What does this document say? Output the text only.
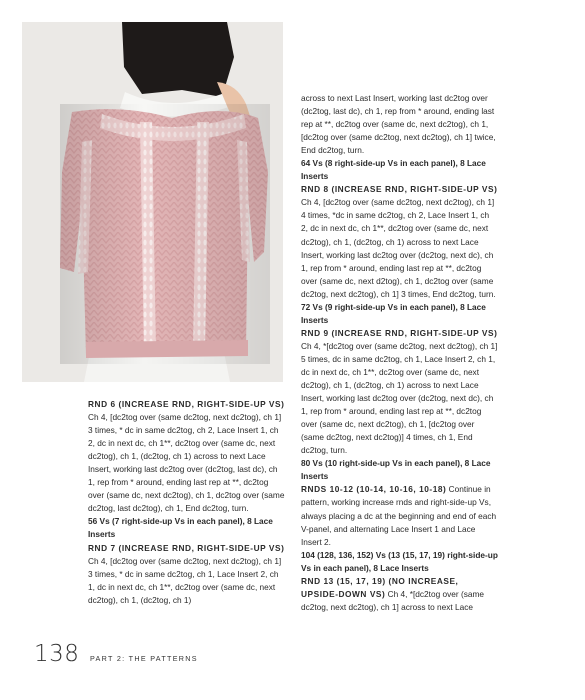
RND 6 (INCREASE RND, RIGHT-SIDE-UP VS) Ch 4, [dc2tog over (same dc2tog, next dc2tog), ch 1] 3 times, * dc in same dc2tog, ch 2, Lace Insert 1, ch 2, dc in next dc, ch 1**, dc2tog over (same dc, next dc2tog), ch 1, (dc2tog, ch 1) across to next Lace Insert, working last dc2tog over (dc2tog, last dc), ch 1, rep from * around, ending last rep at **, dc2tog over (same dc, next dc2tog), ch 1, dc2tog over (same dc2tog, last dc2tog), ch 1, End dc2tog, turn.

56 Vs (7 right-side-up Vs in each panel), 8 Lace Inserts

RND 7 (INCREASE RND, RIGHT-SIDE-UP VS) Ch 4, [dc2tog over (same dc2tog, next dc2tog), ch 1] 3 times, * dc in same dc2tog, ch 1, Lace Insert 2, ch 1, dc in next dc, ch 1**, dc2tog over (same dc, next dc2tog), ch 1, (dc2tog, ch 1)

across to next Last Insert, working last dc2tog over (dc2tog, last dc), ch 1, rep from * around, ending last rep at **, dc2tog over (same dc, next dc2tog), ch 1, [dc2tog over (same dc2tog, next dc2tog), ch 1] twice, End dc2tog, turn.

64 Vs (8 right-side-up Vs in each panel), 8 Lace Inserts

RND 8 (INCREASE RND, RIGHT-SIDE-UP VS) Ch 4, [dc2tog over (same dc2tog, next dc2tog), ch 1] 4 times, *dc in same dc2tog, ch 2, Lace Insert 1, ch 2, dc in next dc, ch 1**, dc2tog over (same dc, next dc2tog), ch 1, (dc2tog, ch 1) across to next Lace Insert, working last dc2tog over (dc2tog, next dc), ch 1, rep from * around, ending last rep at **, dc2tog over (same dc, next d2tog), ch 1, dc2tog over (same dc2tog, next dc2tog), ch 1] 3 times, End dc2tog, turn.

72 Vs (9 right-side-up Vs in each panel), 8 Lace Inserts

RND 9 (INCREASE RND, RIGHT-SIDE-UP VS) Ch 4, *[dc2tog over (same dc2tog, next dc2tog), ch 1] 5 times, dc in same dc2tog, ch 1, Lace Insert 2, ch 1, dc in next dc, ch 1**, dc2tog over (same dc, next dc2tog), ch 1, (dc2tog, ch 1) across to next Lace Insert, working last dc2tog over (dc2tog, next dc), ch 1, rep from * around, ending last rep at **, dc2tog over (same dc, next dc2tog), ch 1, [dc2tog over (same dc2tog, next dc2tog)] 4 times, ch 1, End dc2tog, turn.

80 Vs (10 right-side-up Vs in each panel), 8 Lace Inserts

RNDS 10-12 (10-14, 10-16, 10-18) Continue in pattern, working increase rnds and right-side-up Vs, always placing a dc at the beginning and end of each V-panel, and alternating Lace Insert 1 and Lace Insert 2.

104 (128, 136, 152) Vs (13 (15, 17, 19) right-side-up Vs in each panel), 8 Lace Inserts

RND 13 (15, 17, 19) (NO INCREASE, UPSIDE-DOWN VS) Ch 4, *[dc2tog over (same dc2tog, next dc2tog), ch 1] across to next Lace

138 PART 2: THE PATTERNS
